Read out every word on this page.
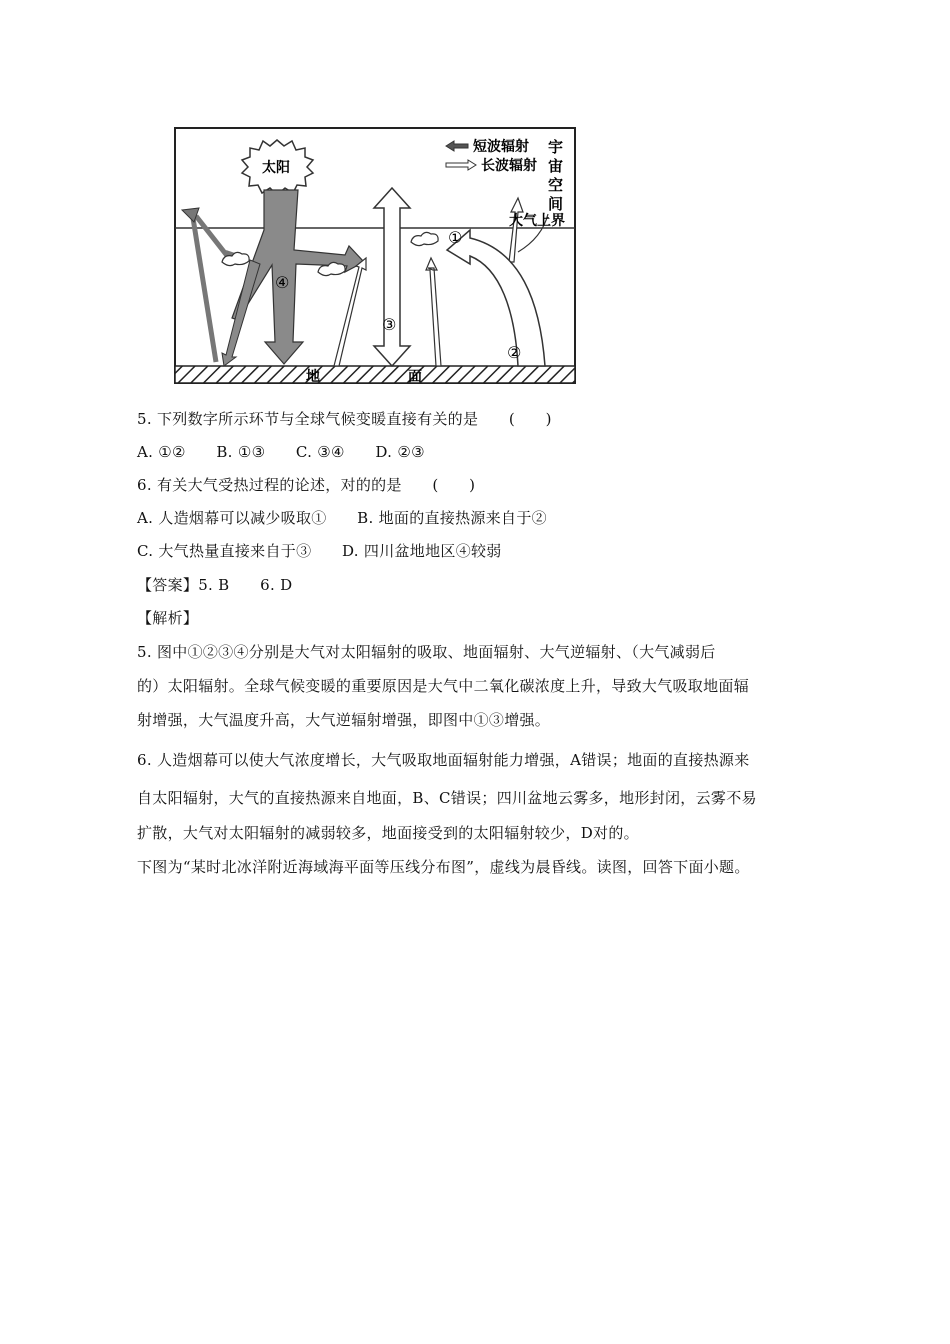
短波辐射
长波辐射
宇
宙
空
间
大气上界
太阳
地	面
①
②
③
④
5. 下列数字所示环节与全球气候变暖直接有关的是　　(　　)
A. ①②　　B. ①③　　C. ③④　　D. ②③
6. 有关大气受热过程的论述，对的的是　　(　　)
A. 人造烟幕可以减少吸取①　　B. 地面的直接热源来自于②
C. 大气热量直接来自于③　　D. 四川盆地地区④较弱
【答案】5. B　　6. D
【解析】
5. 图中①②③④分别是大气对太阳辐射的吸取、地面辐射、大气逆辐射、（大气减弱后
的）太阳辐射。全球气候变暖的重要原因是大气中二氧化碳浓度上升，导致大气吸取地面辐
射增强，大气温度升高，大气逆辐射增强，即图中①③增强。
6. 人造烟幕可以使大气浓度增长，大气吸取地面辐射能力增强，A错误；地面的直接热源来
自太阳辐射，大气的直接热源来自地面，B、C错误；四川盆地云雾多，地形封闭，云雾不易
扩散，大气对太阳辐射的减弱较多，地面接受到的太阳辐射较少，D对的。
下图为“某时北冰洋附近海域海平面等压线分布图”，虚线为晨昏线。读图，回答下面小题。
